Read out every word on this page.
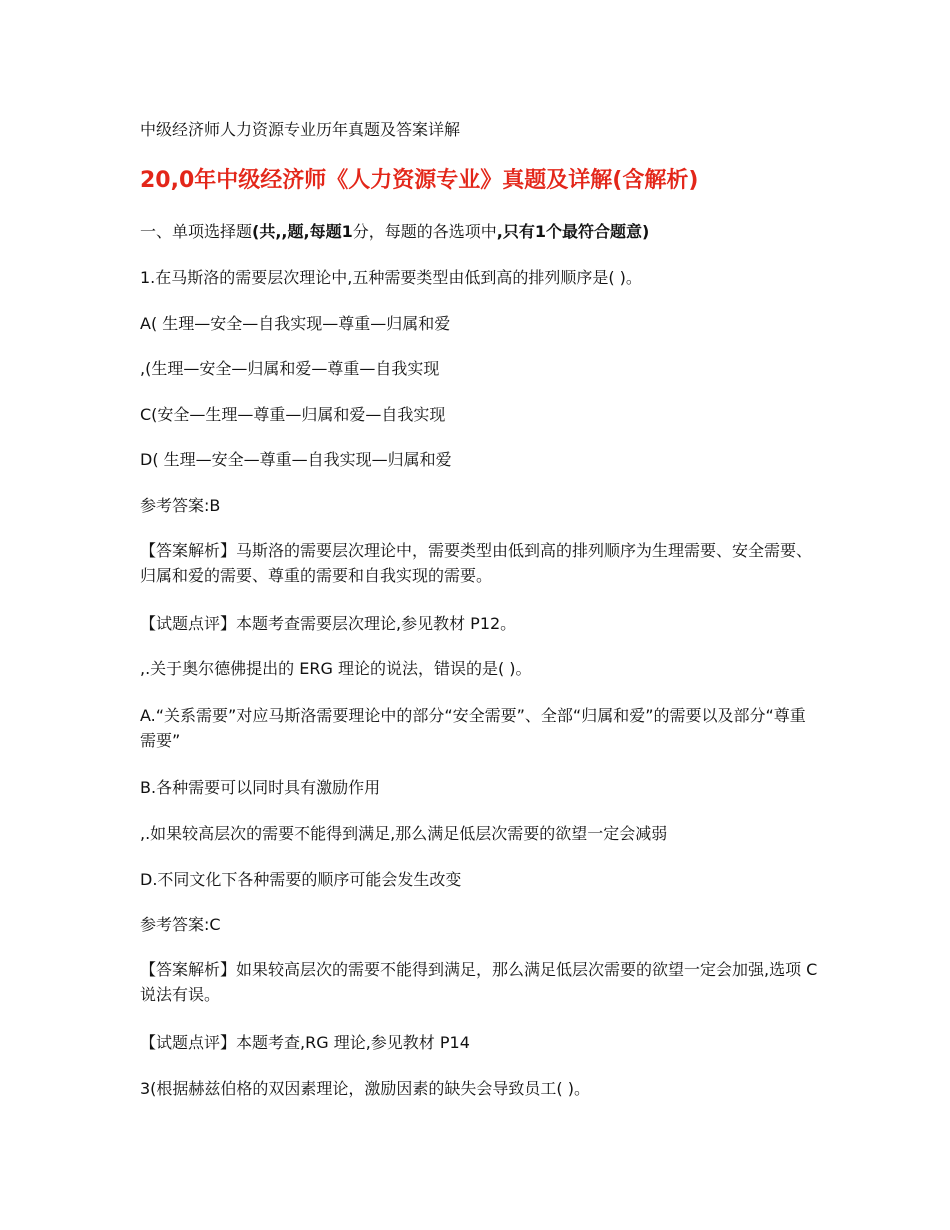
中级经济师人力资源专业历年真题及答案详解
20,0年中级经济师《人力资源专业》真题及详解(含解析)
一、单项选择题(共,,题,每题1分，每题的各选项中,只有1个最符合题意)
1.在马斯洛的需要层次理论中,五种需要类型由低到高的排列顺序是( )。
A( 生理—安全—自我实现—尊重—归属和爱
,(生理—安全—归属和爱—尊重—自我实现
C(安全—生理—尊重—归属和爱—自我实现
D( 生理—安全—尊重—自我实现—归属和爱
参考答案:B
【答案解析】马斯洛的需要层次理论中，需要类型由低到高的排列顺序为生理需要、安全需要、归属和爱的需要、尊重的需要和自我实现的需要。
【试题点评】本题考查需要层次理论,参见教材 P12。
,.关于奥尔德佛提出的 ERG 理论的说法，错误的是( )。
A.“关系需要”对应马斯洛需要理论中的部分“安全需要”、全部“归属和爱”的需要以及部分“尊重需要”
B.各种需要可以同时具有激励作用
,.如果较高层次的需要不能得到满足,那么满足低层次需要的欲望一定会减弱
D.不同文化下各种需要的顺序可能会发生改变
参考答案:C
【答案解析】如果较高层次的需要不能得到满足，那么满足低层次需要的欲望一定会加强,选项 C 说法有误。
【试题点评】本题考查,RG 理论,参见教材 P14
3(根据赫兹伯格的双因素理论，激励因素的缺失会导致员工( )。
